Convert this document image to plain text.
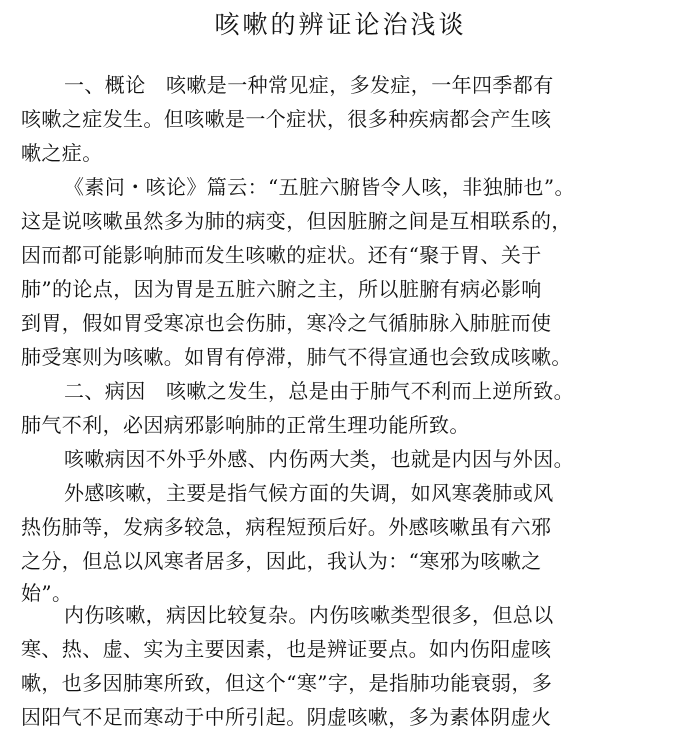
咳嗽的辨证论治浅谈
一、概论　咳嗽是一种常见症，多发症，一年四季都有
咳嗽之症发生。但咳嗽是一个症状，很多种疾病都会产生咳
嗽之症。
《素问・咳论》篇云：“五脏六腑皆令人咳，非独肺也”。
这是说咳嗽虽然多为肺的病变，但因脏腑之间是互相联系的，
因而都可能影响肺而发生咳嗽的症状。还有“聚于胃、关于
肺”的论点，因为胃是五脏六腑之主，所以脏腑有病必影响
到胃，假如胃受寒凉也会伤肺，寒冷之气循肺脉入肺脏而使
肺受寒则为咳嗽。如胃有停滞，肺气不得宣通也会致成咳嗽。
二、病因　咳嗽之发生，总是由于肺气不利而上逆所致。
肺气不利，必因病邪影响肺的正常生理功能所致。
咳嗽病因不外乎外感、内伤两大类，也就是内因与外因。
外感咳嗽，主要是指气候方面的失调，如风寒袭肺或风
热伤肺等，发病多较急，病程短预后好。外感咳嗽虽有六邪
之分，但总以风寒者居多，因此，我认为：“寒邪为咳嗽之
始”。
内伤咳嗽，病因比较复杂。内伤咳嗽类型很多，但总以
寒、热、虚、实为主要因素，也是辨证要点。如内伤阳虚咳
嗽，也多因肺寒所致，但这个“寒”字，是指肺功能衰弱，多
因阳气不足而寒动于中所引起。阴虚咳嗽，多为素体阴虚火
